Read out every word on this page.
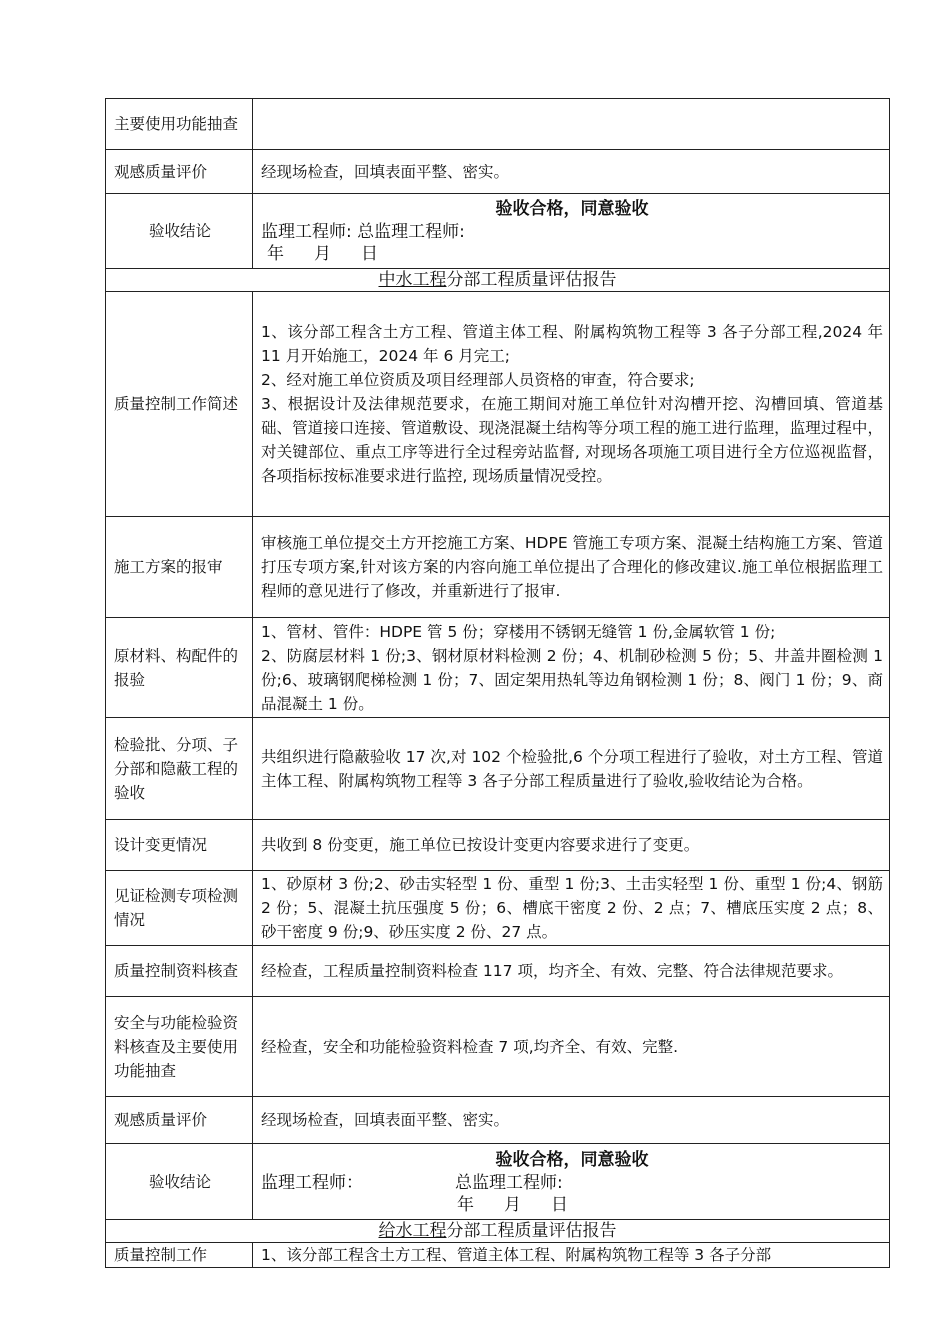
主要使用功能抽查	
观感质量评价	经现场检查，回填表面平整、密实。
验收结论	验收合格，同意验收
监理工程师: 总监理工程师:
年 月 日

中水工程分部工程质量评估报告	
质量控制工作简述	1、该分部工程含土方工程、管道主体工程、附属构筑物工程等 3 各子分部工程,2024 年 11 月开始施工，2024 年 6 月完工;
2、经对施工单位资质及项目经理部人员资格的审查，符合要求;
3、根据设计及法律规范要求，在施工期间对施工单位针对沟槽开挖、沟槽回填、管道基础、管道接口连接、管道敷设、现浇混凝土结构等分项工程的施工进行监理，监理过程中，对关键部位、重点工序等进行全过程旁站监督, 对现场各项施工项目进行全方位巡视监督，各项指标按标准要求进行监控, 现场质量情况受控。

施工方案的报审	审核施工单位提交土方开挖施工方案、HDPE 管施工专项方案、混凝土结构施工方案、管道打压专项方案,针对该方案的内容向施工单位提出了合理化的修改建议.施工单位根据监理工程师的意见进行了修改，并重新进行了报审.
原材料、构配件的报验	1、管材、管件：HDPE 管 5 份；穿楼用不锈钢无缝管 1 份,金属软管 1 份;
2、防腐层材料 1 份;3、钢材原材料检测 2 份；4、机制砂检测 5 份；5、井盖井圈检测 1 份;6、玻璃钢爬梯检测 1 份；7、固定架用热轧等边角钢检测 1 份；8、阀门 1 份；9、商品混凝土 1 份。

检验批、分项、子分部和隐蔽工程的验收	共组织进行隐蔽验收 17 次,对 102 个检验批,6 个分项工程进行了验收，对土方工程、管道主体工程、附属构筑物工程等 3 各子分部工程质量进行了验收,验收结论为合格。
设计变更情况	共收到 8 份变更，施工单位已按设计变更内容要求进行了变更。
见证检测专项检测情况	1、砂原材 3 份;2、砂击实轻型 1 份、重型 1 份;3、土击实轻型 1 份、重型 1 份;4、钢筋 2 份；5、混凝土抗压强度 5 份；6、槽底干密度 2 份、2 点；7、槽底压实度 2 点；8、砂干密度 9 份;9、砂压实度 2 份、27 点。
质量控制资料核查	经检查，工程质量控制资料检查 117 项，均齐全、有效、完整、符合法律规范要求。
安全与功能检验资料核查及主要使用功能抽查	经检查，安全和功能检验资料检查 7 项,均齐全、有效、完整.
观感质量评价	经现场检查，回填表面平整、密实。
验收结论	验收合格，同意验收
监理工程师： 总监理工程师:
年 月 日

给水工程分部工程质量评估报告	
质量控制工作	1、该分部工程含土方工程、管道主体工程、附属构筑物工程等 3 各子分部
